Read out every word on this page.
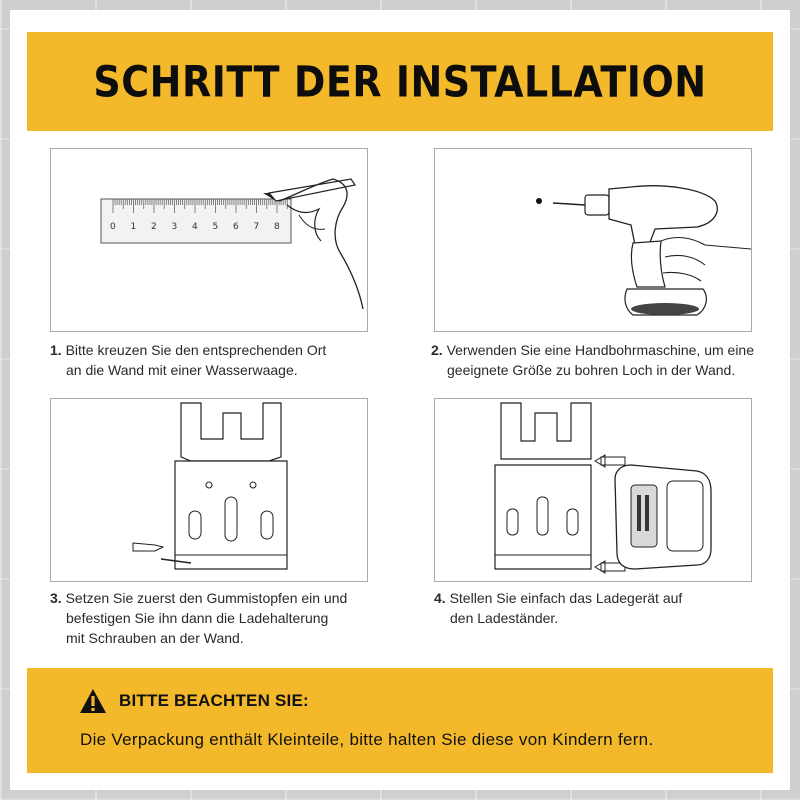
SCHRITT DER INSTALLATION
0 1 2 3 4 5 6 7 8
1. Bitte kreuzen Sie den entsprechenden Ort
an die Wand mit einer Wasserwaage.
2. Verwenden Sie eine Handbohrmaschine, um eine
geeignete Größe zu bohren Loch in der Wand.
3. Setzen Sie zuerst den Gummistopfen ein und
befestigen Sie ihn dann die Ladehalterung
mit Schrauben an der Wand.
4. Stellen Sie einfach das Ladegerät auf
den Ladeständer.
BITTE BEACHTEN SIE:
Die Verpackung enthält Kleinteile, bitte halten Sie diese von Kindern fern.
